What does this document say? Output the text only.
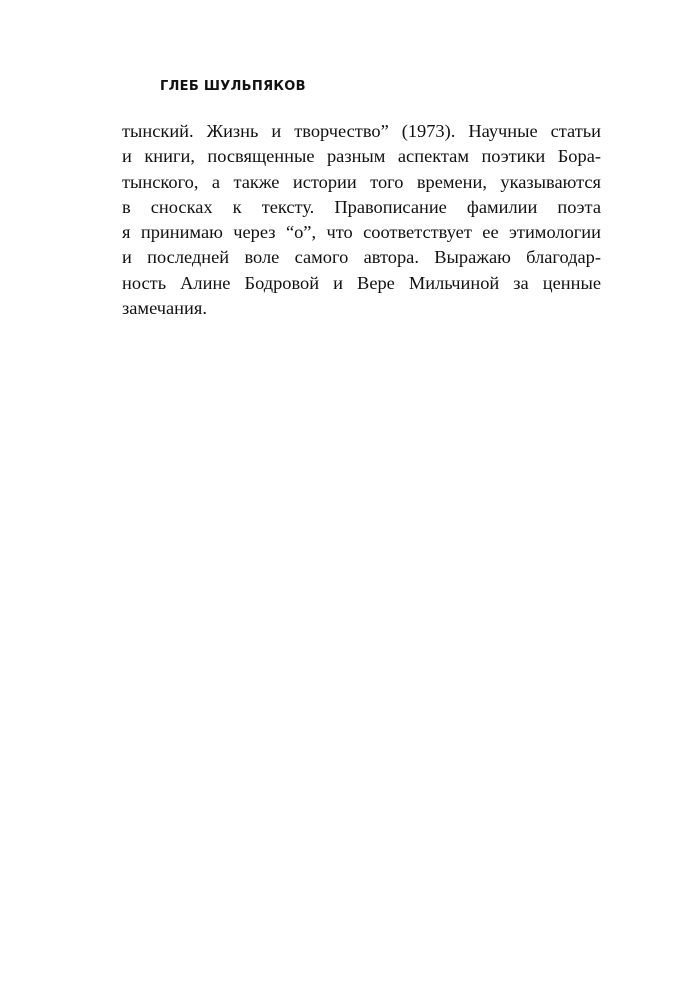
ГЛЕБ ШУЛЬПЯКОВ
тынский. Жизнь и творчество” (1973). Научные статьи
и книги, посвященные разным аспектам поэтики Бора-
тынского, а также истории того времени, указываются
в сносках к тексту. Правописание фамилии поэта
я принимаю через “о”, что соответствует ее этимологии
и последней воле самого автора. Выражаю благодар-
ность Алине Бодровой и Вере Мильчиной за ценные
замечания.
